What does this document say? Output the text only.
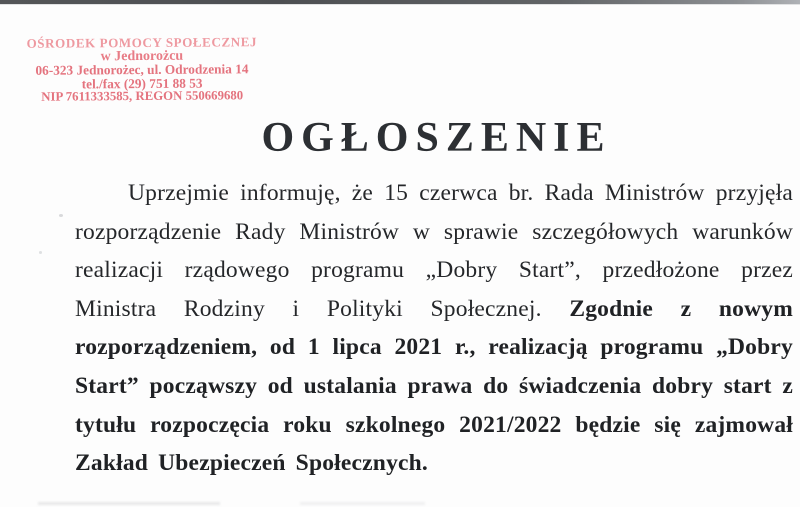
OŚRODEK POMOCY SPOŁECZNEJ
w Jednorożcu
06-323 Jednorożec, ul. Odrodzenia 14
tel./fax (29) 751 88 53
NIP 7611333585, REGON 550669680
OGŁOSZENIE

Uprzejmie informuję, że 15 czerwca br. Rada Ministrów przyjęła rozporządzenie Rady Ministrów w sprawie szczegółowych warunków realizacji rządowego programu „Dobry Start”, przedłożone przez Ministra Rodziny i Polityki Społecznej. Zgodnie z nowym rozporządzeniem, od 1 lipca 2021 r., realizacją programu „Dobry Start” począwszy od ustalania prawa do świadczenia dobry start z tytułu rozpoczęcia roku szkolnego 2021/2022 będzie się zajmował Zakład Ubezpieczeń Społecznych.
